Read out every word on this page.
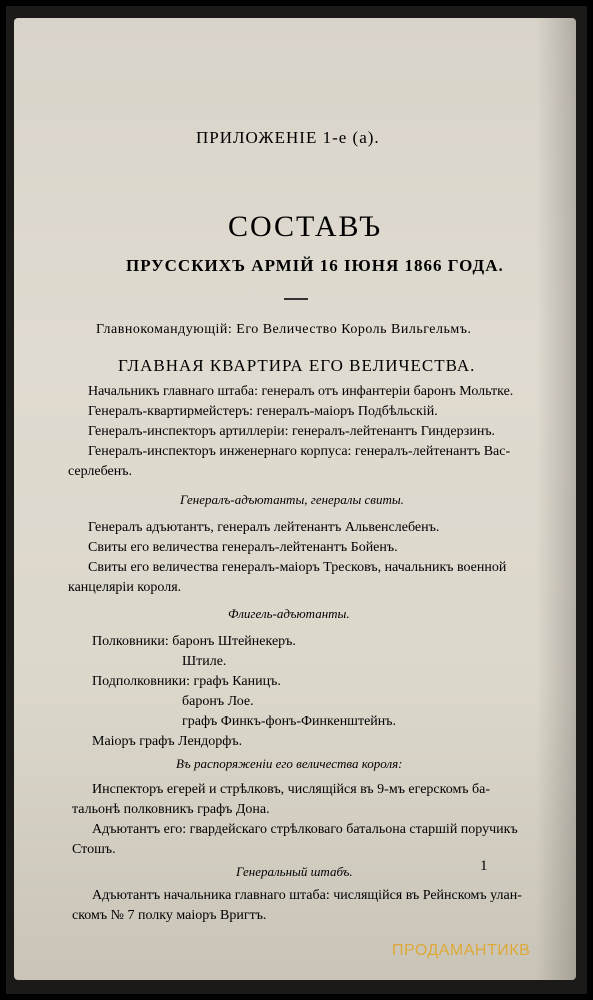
ПРИЛОЖЕНІЕ 1-е (а).
СОСТАВЪ
ПРУССКИХЪ АРМІЙ 16 ІЮНЯ 1866 ГОДА.
Главнокомандующій: Его Величество Король Вильгельмъ.
ГЛАВНАЯ КВАРТИРА ЕГО ВЕЛИЧЕСТВА.
Начальникъ главнаго штаба: генералъ отъ инфантеріи баронъ Мольтке.
Генералъ-квартирмейстеръ: генералъ-маіоръ Подбѣльскій.
Генералъ-инспекторъ артиллеріи: генералъ-лейтенантъ Гиндерзинъ.
Генералъ-инспекторъ инженернаго корпуса: генералъ-лейтенантъ Вас-
серлебенъ.
Генералъ-адъютанты, генералы свиты.
Генералъ адъютантъ, генералъ лейтенантъ Альвенслебенъ.
Свиты его величества генералъ-лейтенантъ Бойенъ.
Свиты его величества генералъ-маіоръ Тресковъ, начальникъ военной
канцеляріи короля.
Флигель-адъютанты.
Полковники: баронъ Штейнекеръ.
Штиле.
Подполковники: графъ Каницъ.
баронъ Лое.
графъ Финкъ-фонъ-Финкенштейнъ.
Маіоръ графъ Лендорфъ.
Въ распоряженіи его величества короля:
Инспекторъ егерей и стрѣлковъ, числящійся въ 9-мъ егерскомъ ба-
тальонѣ полковникъ графъ Дона.
Адъютантъ его: гвардейскаго стрѣлковаго батальона старшій поручикъ
Стошъ.
Генеральный штабъ.
Адъютантъ начальника главнаго штаба: числящійся въ Рейнскомъ улан-
скомъ № 7 полку маіоръ Вригтъ.
1
ПРОДАМАНТИКВ
